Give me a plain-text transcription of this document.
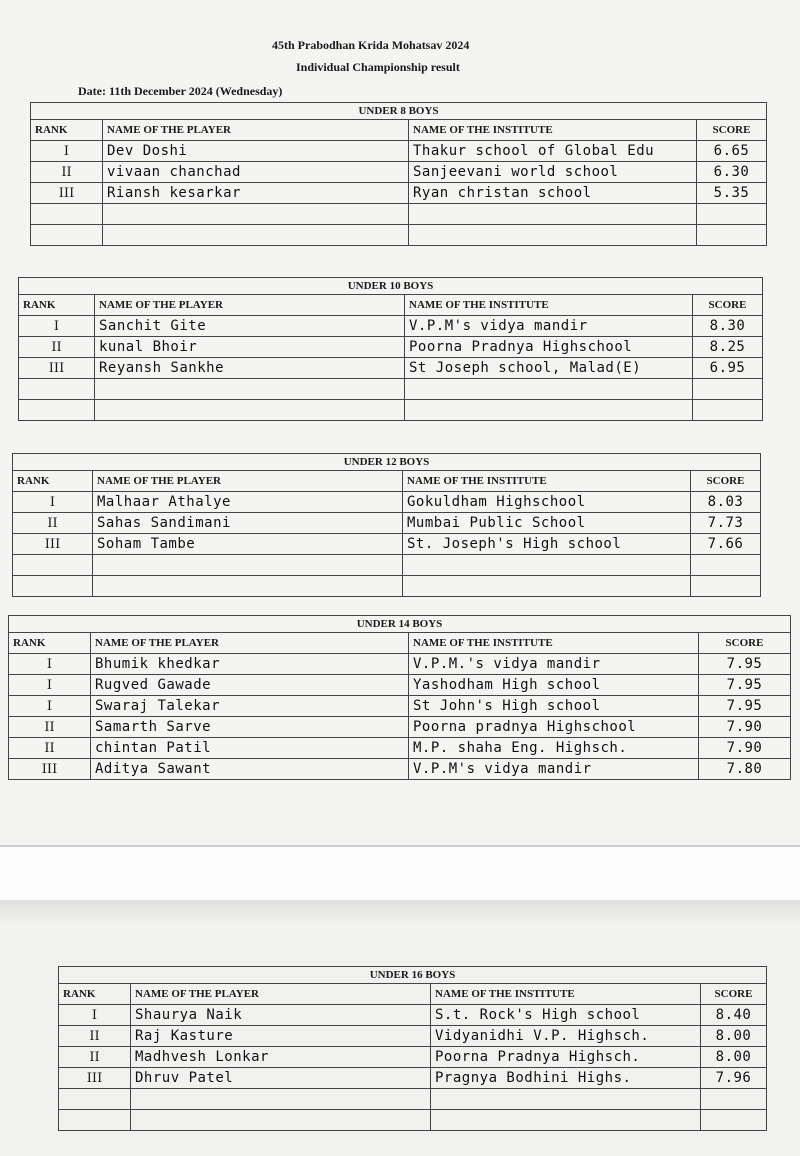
45th Prabodhan Krida Mohatsav 2024
Individual Championship result
Date: 11th December 2024 (Wednesday)
UNDER 8 BOYS			
RANK	NAME OF THE PLAYER	NAME OF THE INSTITUTE	SCORE
I	Dev Doshi	Thakur school of Global Edu	6.65
II	vivaan chanchad	Sanjeevani world school	6.30
III	Riansh kesarkar	Ryan christan school	5.35

UNDER 10 BOYS			
RANK	NAME OF THE PLAYER	NAME OF THE INSTITUTE	SCORE
I	Sanchit Gite	V.P.M's vidya mandir	8.30
II	kunal Bhoir	Poorna Pradnya Highschool	8.25
III	Reyansh Sankhe	St Joseph school, Malad(E)	6.95

UNDER 12 BOYS			
RANK	NAME OF THE PLAYER	NAME OF THE INSTITUTE	SCORE
I	Malhaar Athalye	Gokuldham Highschool	8.03
II	Sahas Sandimani	Mumbai Public School	7.73
III	Soham Tambe	St. Joseph's High school	7.66

UNDER 14 BOYS			
RANK	NAME OF THE PLAYER	NAME OF THE INSTITUTE	SCORE
I	Bhumik khedkar	V.P.M.'s vidya mandir	7.95
I	Rugved Gawade	Yashodham High school	7.95
I	Swaraj Talekar	St John's High school	7.95
II	Samarth Sarve	Poorna pradnya Highschool	7.90
II	chintan Patil	M.P. shaha Eng. Highsch.	7.90
III	Aditya Sawant	V.P.M's vidya mandir	7.80
UNDER 16 BOYS			
RANK	NAME OF THE PLAYER	NAME OF THE INSTITUTE	SCORE
I	Shaurya Naik	S.t. Rock's High school	8.40
II	Raj Kasture	Vidyanidhi V.P. Highsch.	8.00
II	Madhvesh Lonkar	Poorna Pradnya Highsch.	8.00
III	Dhruv Patel	Pragnya Bodhini Highs.	7.96
